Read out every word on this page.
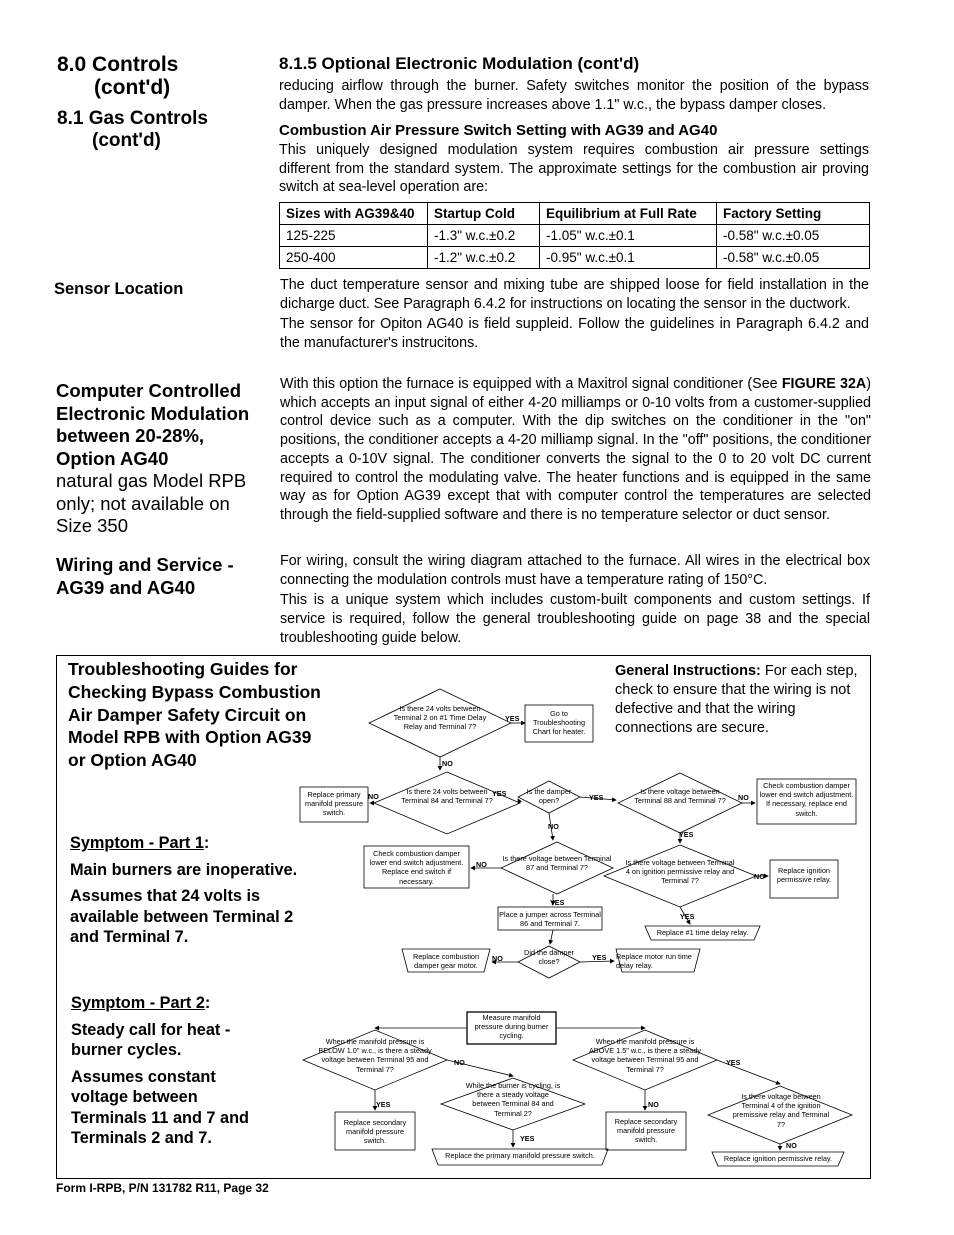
8.0 Controls
(cont'd)
8.1 Gas Controls
(cont'd)
8.1.5 Optional Electronic Modulation (cont'd)
reducing airflow through the burner. Safety switches monitor the position of the bypass damper. When the gas pressure increases above 1.1" w.c., the bypass damper closes.
Combustion Air Pressure Switch Setting with AG39 and AG40
This uniquely designed modulation system requires combustion air pressure settings different from the standard system. The approximate settings for the combustion air proving switch at sea-level operation are:
Sizes with AG39&40	Startup Cold	Equilibrium at Full Rate	Factory Setting
125-225	-1.3" w.c.±0.2	-1.05" w.c.±0.1	-0.58" w.c.±0.05
250-400	-1.2" w.c.±0.2	-0.95" w.c.±0.1	-0.58" w.c.±0.05
Sensor Location	The duct temperature sensor and mixing tube are shipped loose for field installation in the dicharge duct. See Paragraph 6.4.2 for instructions on locating the sensor in the ductwork.

The sensor for Opiton AG40 is field suppleid. Follow the guidelines in Paragraph 6.4.2 and the manufacturer's instrucitons.

Computer Controlled
Electronic Modulation
between 20-28%,
Option AG40
natural gas Model RPB
only; not available on
Size 350
With this option the furnace is equipped with a Maxitrol signal conditioner (See FIGURE 32A) which accepts an input signal of either 4-20 milliamps or 0-10 volts from a customer-supplied control device such as a computer. With the dip switches on the conditioner in the "on" positions, the conditioner accepts a 4-20 milliamp signal. In the "off" positions, the conditioner accepts a 0-10V signal. The conditioner converts the signal to the 0 to 20 volt DC current required to control the modulating valve. The heater functions and is equipped in the same way as for Option AG39 except that with computer control the temperatures are selected through the field-supplied software and there is no temperature selector or duct sensor.
Wiring and Service -
AG39 and AG40

For wiring, consult the wiring diagram attached to the furnace. All wires in the electrical box connecting the modulation controls must have a temperature rating of 150°C.

This is a unique system which includes custom-built components and custom settings. If service is required, follow the general troubleshooting guide on page 38 and the special troubleshooting guide below.

Troubleshooting Guides for
Checking Bypass Combustion
Air Damper Safety Circuit on
Model RPB with Option AG39
or Option AG40
General Instructions: For each step, check to ensure that the wiring is not defective and that the wiring connections are secure.
Symptom - Part 1:
Main burners are inoperative.
Assumes that 24 volts is available between Terminal 2 and Terminal 7.
Symptom - Part 2:
Steady call for heat - burner cycles.
Assumes constant voltage between Terminals 11 and 7 and Terminals 2 and 7.
Is there 24 volts between Terminal 2 on #1 Time Delay Relay and Terminal 7?
Go to Troubleshooting Chart for heater.
Is there 24 volts between Terminal 84 and Terminal 7?
Replace primary manifold pressure switch.
Is the damper open?
Is there voltage between Terminal 88 and Terminal 7?
Check combustion damper lower end switch adjustment. If necessary, replace end switch.
Is there voltage between Terminal 87 and Terminal 7?
Check combustion damper lower end switch adjustment. Replace end switch if necessary.
Is there voltage between Terminal 4 on ignition permissive relay and Terminal 7?
Replace ignition permissive relay.
Place a jumper across Terminal 86 and Terminal 7.
Replace #1 time delay relay.
Did the damper close?
Replace combustion damper gear motor.
Replace motor run time delay relay.
YES
NO
NO	YES	YES	NO
NO
YES
NO
NO
YES
YES
NO	YES
Measure manifold pressure during burner cycling.
When the manifold pressure is BELOW 1.0" w.c., is there a steady voltage between Terminal 95 and Terminal 7?
When the manifold pressure is ABOVE 1.5" w.c., is there a steady voltage between Terminal 95 and Terminal 7?
Replace secondary manifold pressure switch.
While the burner is cycling, is there a steady voltage between Terminal 84 and Terminal 2?
Replace the primary manifold pressure switch.
Replace secondary manifold pressure switch.
Is there voltage between Terminal 4 of the ignition premissive relay and Terminal 7?
Replace ignition permissive relay.
NO	YES
YES	NO
YES
NO
Form I-RPB, P/N 131782 R11, Page 32
